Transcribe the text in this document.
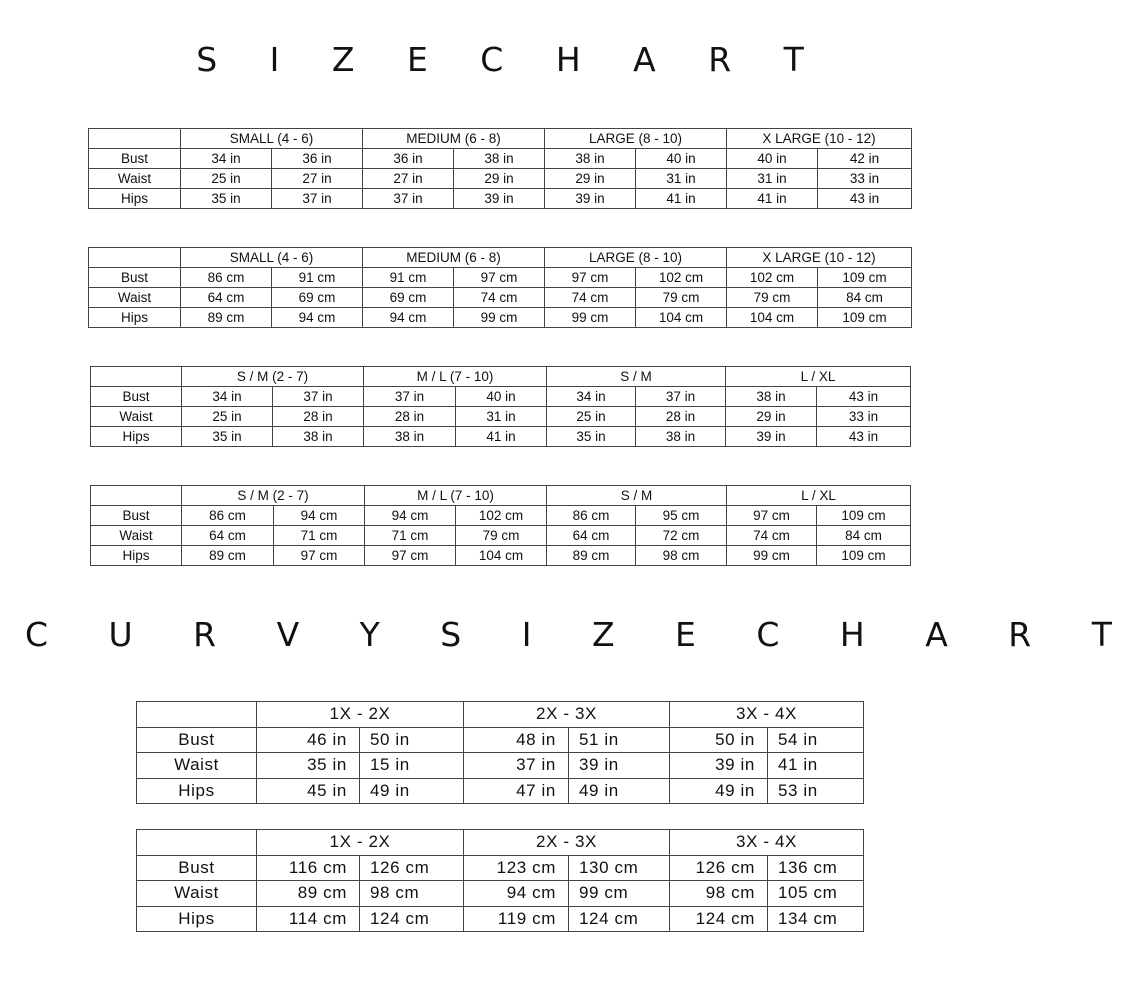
S I Z E C H A R T
	SMALL (4 - 6)		MEDIUM (6 - 8)		LARGE (8 - 10)		X LARGE (10 - 12)	
Bust	34 in	36 in	36 in	38 in	38 in	40 in	40 in	42 in
Waist	25 in	27 in	27 in	29 in	29 in	31 in	31 in	33 in
Hips	35 in	37 in	37 in	39 in	39 in	41 in	41 in	43 in
	SMALL (4 - 6)		MEDIUM (6 - 8)		LARGE (8 - 10)		X LARGE (10 - 12)	
Bust	86 cm	91 cm	91 cm	97 cm	97 cm	102 cm	102 cm	109 cm
Waist	64 cm	69 cm	69 cm	74 cm	74 cm	79 cm	79 cm	84 cm
Hips	89 cm	94 cm	94 cm	99 cm	99 cm	104 cm	104 cm	109 cm
	S / M (2 - 7)		M / L (7 - 10)		S / M		L / XL	
Bust	34 in	37 in	37 in	40 in	34 in	37 in	38 in	43 in
Waist	25 in	28 in	28 in	31 in	25 in	28 in	29 in	33 in
Hips	35 in	38 in	38 in	41 in	35 in	38 in	39 in	43 in
	S / M (2 - 7)		M / L (7 - 10)		S / M		L / XL	
Bust	86 cm	94 cm	94 cm	102 cm	86 cm	95 cm	97 cm	109 cm
Waist	64 cm	71 cm	71 cm	79 cm	64 cm	72 cm	74 cm	84 cm
Hips	89 cm	97 cm	97 cm	104 cm	89 cm	98 cm	99 cm	109 cm
C U R V Y S I Z E C H A R T
	1X - 2X		2X - 3X		3X - 4X	
Bust	46 in	50 in	48 in	51 in	50 in	54 in
Waist	35 in	15 in	37 in	39 in	39 in	41 in
Hips	45 in	49 in	47 in	49 in	49 in	53 in
	1X - 2X		2X - 3X		3X - 4X	
Bust	116 cm	126 cm	123 cm	130 cm	126 cm	136 cm
Waist	89 cm	98 cm	94 cm	99 cm	98 cm	105 cm
Hips	114 cm	124 cm	119 cm	124 cm	124 cm	134 cm
